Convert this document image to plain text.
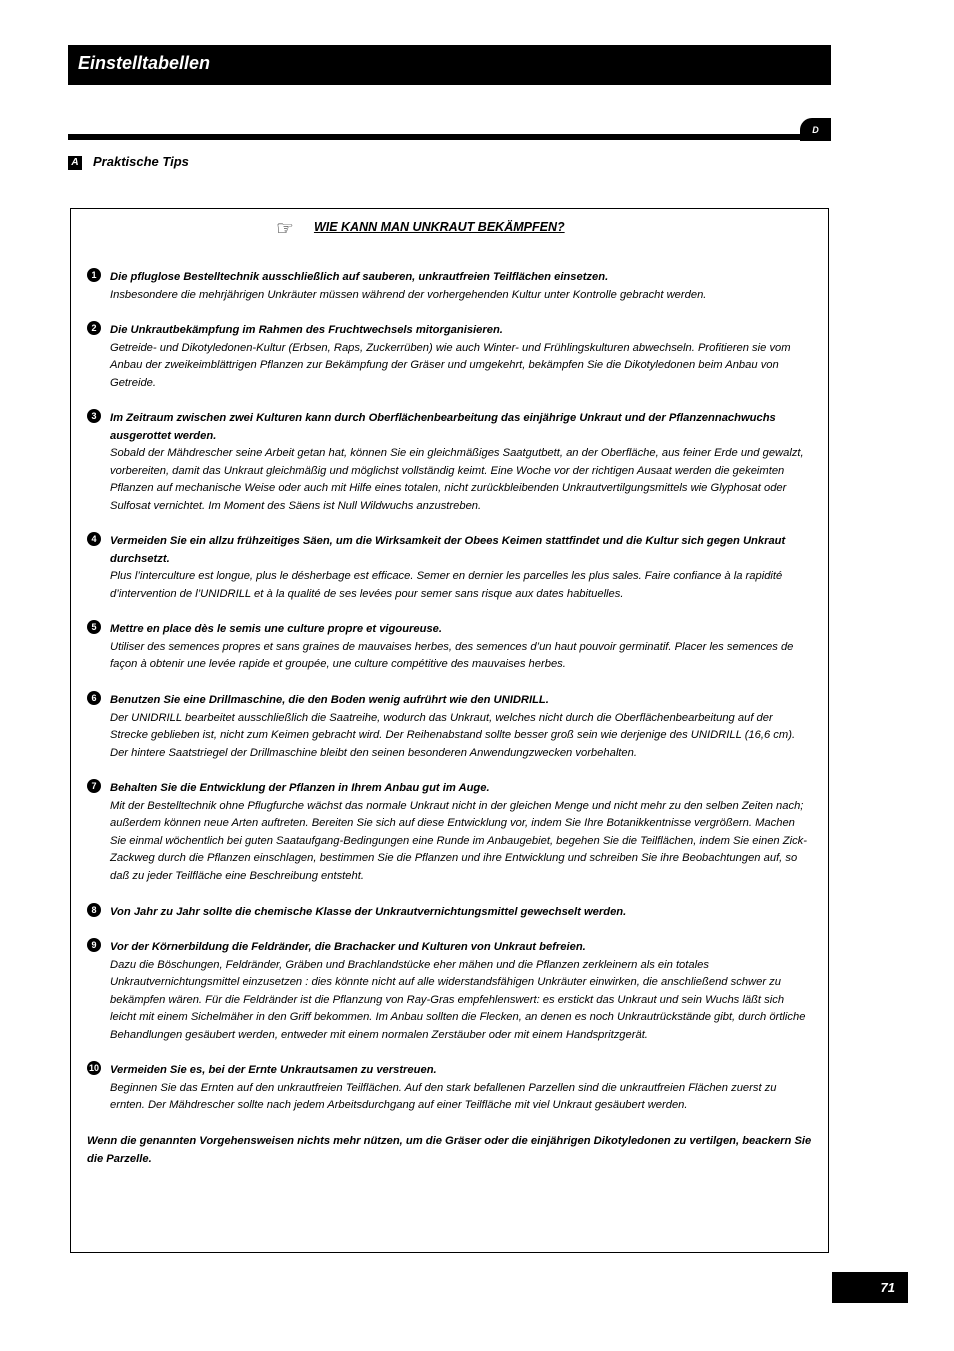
Einstelltabellen
D
A Praktische Tips
☞ WIE KANN MAN UNKRAUT BEKÄMPFEN?
1	Die pfluglose Bestelltechnik ausschließlich auf sauberen, unkrautfreien Teilflächen einsetzen.
Insbesondere die mehrjährigen Unkräuter müssen während der vorhergehenden Kultur unter Kontrolle gebracht werden.
2	Die Unkrautbekämpfung im Rahmen des Fruchtwechsels mitorganisieren.
Getreide- und Dikotyledonen-Kultur (Erbsen, Raps, Zuckerrüben) wie auch Winter- und Frühlingskulturen abwechseln. Profitieren sie vom Anbau der zweikeimblättrigen Pflanzen zur Bekämpfung der Gräser und umgekehrt, bekämpfen Sie die Dikotyledonen beim Anbau von Getreide.
3	Im Zeitraum zwischen zwei Kulturen kann durch Oberflächenbearbeitung das einjährige Unkraut und der Pflanzennachwuchs ausgerottet werden.
Sobald der Mähdrescher seine Arbeit getan hat, können Sie ein gleichmäßiges Saatgutbett, an der Oberfläche, aus feiner Erde und gewalzt, vorbereiten, damit das Unkraut gleichmäßig und möglichst vollständig keimt. Eine Woche vor der richtigen Ausaat werden die gekeimten Pflanzen auf mechanische Weise oder auch mit Hilfe eines totalen, nicht zurückbleibenden Unkrautvertilgungsmittels wie Glyphosat oder Sulfosat vernichtet. Im Moment des Säens ist Null Wildwuchs anzustreben.
4	Vermeiden Sie ein allzu frühzeitiges Säen, um die Wirksamkeit der Obees Keimen stattfindet und die Kultur sich gegen Unkraut durchsetzt.
Plus l’interculture est longue, plus le désherbage est efficace. Semer en dernier les parcelles les plus sales. Faire confiance à la rapidité d’intervention de l’UNIDRILL et à la qualité de ses levées pour semer sans risque aux dates habituelles.
5	Mettre en place dès le semis une culture propre et vigoureuse.
Utiliser des semences propres et sans graines de mauvaises herbes, des semences d’un haut pouvoir germinatif. Placer les semences de façon à obtenir une levée rapide et groupée, une culture compétitive des mauvaises herbes.
6	Benutzen Sie eine Drillmaschine, die den Boden wenig aufrührt wie den UNIDRILL.
Der UNIDRILL bearbeitet ausschließlich die Saatreihe, wodurch das Unkraut, welches nicht durch die Oberflächenbearbeitung auf der Strecke geblieben ist, nicht zum Keimen gebracht wird. Der Reihenabstand sollte besser groß sein wie derjenige des UNIDRILL (16,6 cm). Der hintere Saatstriegel der Drillmaschine bleibt den seinen besonderen Anwendungzwecken vorbehalten.
7	Behalten Sie die Entwicklung der Pflanzen in Ihrem Anbau gut im Auge.
Mit der Bestelltechnik ohne Pflugfurche wächst das normale Unkraut nicht in der gleichen Menge und nicht mehr zu den selben Zeiten nach; außerdem können neue Arten auftreten. Bereiten Sie sich auf diese Entwicklung vor, indem Sie Ihre Botanikkentnisse vergrößern. Machen Sie einmal wöchentlich bei guten Saataufgang-Bedingungen eine Runde im Anbaugebiet, begehen Sie die Teilflächen, indem Sie einen Zick-Zackweg durch die Pflanzen einschlagen, bestimmen Sie die Pflanzen und ihre Entwicklung und schreiben Sie ihre Beobachtungen auf, so daß zu jeder Teilfläche eine Beschreibung entsteht.
8	Von Jahr zu Jahr sollte die chemische Klasse der Unkrautvernichtungsmittel gewechselt werden.
9	Vor der Körnerbildung die Feldränder, die Brachacker und Kulturen von Unkraut befreien.
Dazu die Böschungen, Feldränder, Gräben und Brachlandstücke eher mähen und die Pflanzen zerkleinern als ein totales Unkrautvernichtungsmittel einzusetzen : dies könnte nicht auf alle widerstandsfähigen Unkräuter einwirken, die anschließend schwer zu bekämpfen wären. Für die Feldränder ist die Pflanzung von Ray-Gras empfehlenswert: es erstickt das Unkraut und sein Wuchs läßt sich leicht mit einem Sichelmäher in den Griff bekommen. Im Anbau sollten die Flecken, an denen es noch Unkrautrückstände gibt, durch örtliche Behandlungen gesäubert werden, entweder mit einem normalen Zerstäuber oder mit einem Handspritzgerät.
10 Vermeiden Sie es, bei der Ernte Unkrautsamen zu verstreuen.
Beginnen Sie das Ernten auf den unkrautfreien Teilflächen. Auf den stark befallenen Parzellen sind die unkrautfreien Flächen zuerst zu ernten. Der Mähdrescher sollte nach jedem Arbeitsdurchgang auf einer Teilfläche mit viel Unkraut gesäubert werden.
Wenn die genannten Vorgehensweisen nichts mehr nützen, um die Gräser oder die einjährigen Dikotyledonen zu vertilgen, beackern Sie die Parzelle.
71
